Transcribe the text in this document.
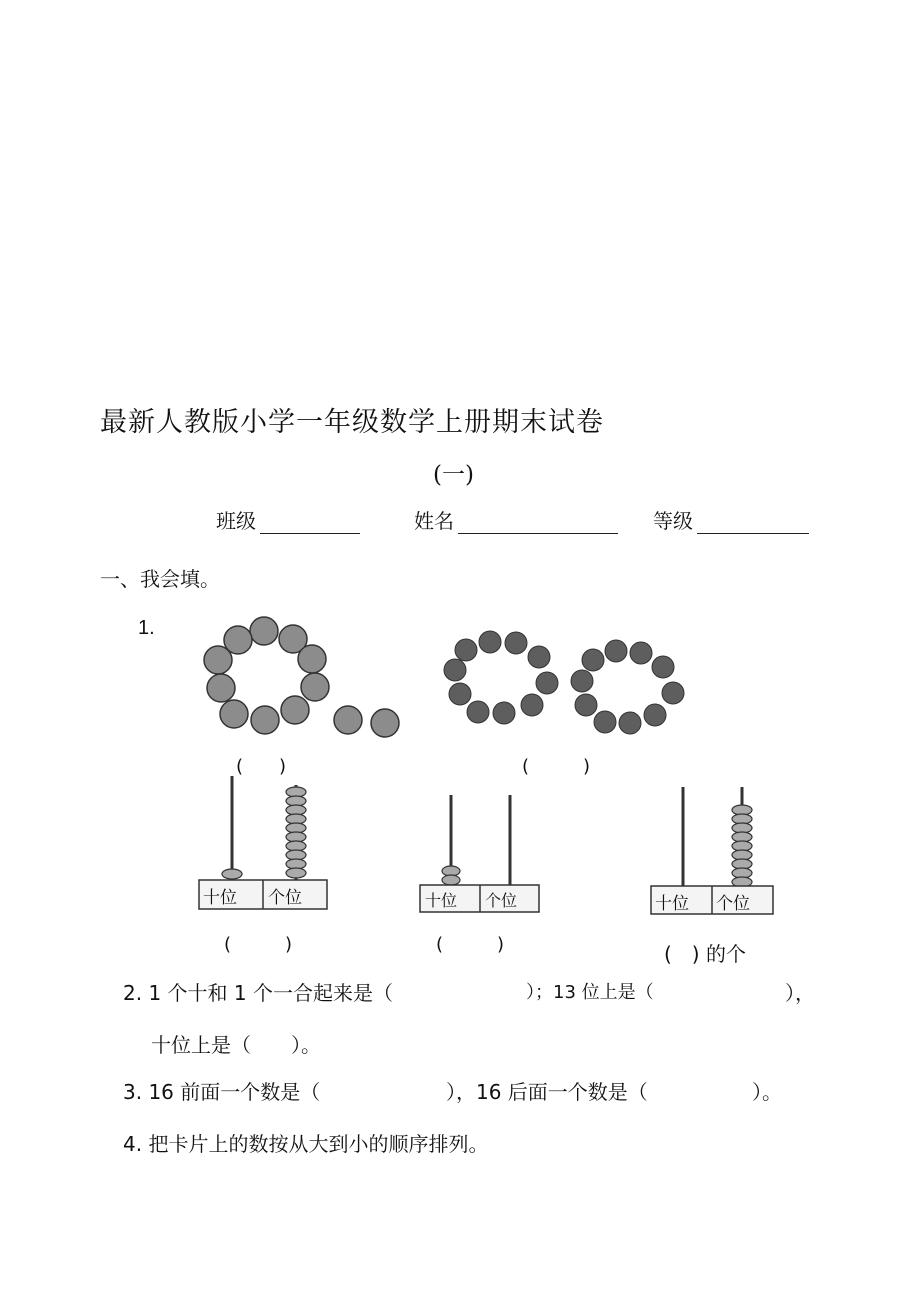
最新人教版小学一年级数学上册期末试卷
(一)
班级	姓名	等级
一、我会填。
1.
十位 个位	十位 个位	十位 个位
(　　)	(　　　)
(　　　)	(　　　)	(　) 的个
2. 1 个十和 1 个一合起来是（	）；13 位上是（	），
十位上是（　　）。
3. 16 前面一个数是（	），16 后面一个数是（	）。
4. 把卡片上的数按从大到小的顺序排列。
